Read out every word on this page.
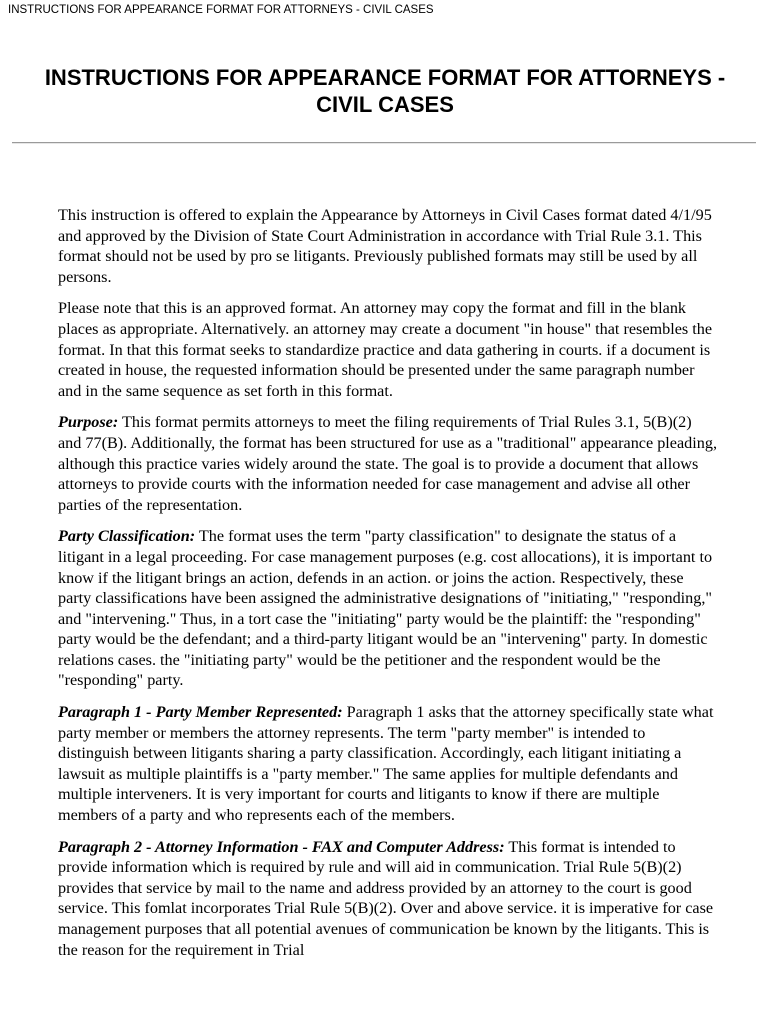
INSTRUCTIONS FOR APPEARANCE FORMAT FOR ATTORNEYS - CIVIL CASES
INSTRUCTIONS FOR APPEARANCE FORMAT FOR ATTORNEYS -
CIVIL CASES

This instruction is offered to explain the Appearance by Attorneys in Civil Cases format dated 4/1/95 and approved by the Division of State Court Administration in accordance with Trial Rule 3.1. This format should not be used by pro se litigants. Previously published formats may still be used by all persons.

Please note that this is an approved format. An attorney may copy the format and fill in the blank places as appropriate. Alternatively. an attorney may create a document "in house" that resembles the format. In that this format seeks to standardize practice and data gathering in courts. if a document is created in house, the requested information should be presented under the same paragraph number and in the same sequence as set forth in this format.

Purpose: This format permits attorneys to meet the filing requirements of Trial Rules 3.1, 5(B)(2) and 77(B). Additionally, the format has been structured for use as a "traditional" appearance pleading, although this practice varies widely around the state. The goal is to provide a document that allows attorneys to provide courts with the information needed for case management and advise all other parties of the representation.

Party Classification: The format uses the term "party classification" to designate the status of a litigant in a legal proceeding. For case management purposes (e.g. cost allocations), it is important to know if the litigant brings an action, defends in an action. or joins the action. Respectively, these party classifications have been assigned the administrative designations of "initiating," "responding," and "intervening." Thus, in a tort case the "initiating" party would be the plaintiff: the "responding" party would be the defendant; and a third-party litigant would be an "intervening" party. In domestic relations cases. the "initiating party" would be the petitioner and the respondent would be the "responding" party.

Paragraph 1 - Party Member Represented: Paragraph 1 asks that the attorney specifically state what party member or members the attorney represents. The term "party member" is intended to distinguish between litigants sharing a party classification. Accordingly, each litigant initiating a lawsuit as multiple plaintiffs is a "party member." The same applies for multiple defendants and multiple interveners. It is very important for courts and litigants to know if there are multiple members of a party and who represents each of the members.

Paragraph 2 - Attorney Information - FAX and Computer Address: This format is intended to provide information which is required by rule and will aid in communication. Trial Rule 5(B)(2) provides that service by mail to the name and address provided by an attorney to the court is good service. This fomlat incorporates Trial Rule 5(B)(2). Over and above service. it is imperative for case management purposes that all potential avenues of communication be known by the litigants. This is the reason for the requirement in Trial
